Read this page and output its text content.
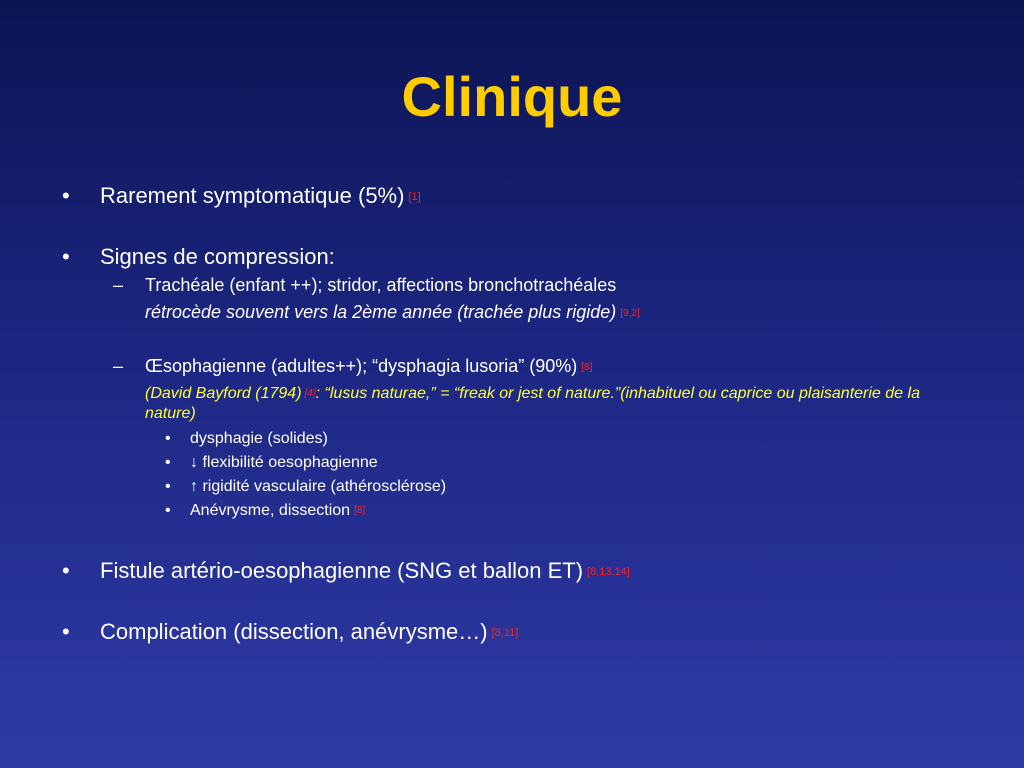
Clinique
• Rarement symptomatique (5%) [1]
• Signes de compression:
– Trachéale (enfant ++); stridor, affections bronchotrachéales
rétrocède souvent vers la 2ème année (trachée plus rigide) [9,2]
– Œsophagienne (adultes++); “dysphagia lusoria” (90%) [8]
(David Bayford (1794) [4]: “lusus naturae,” = “freak or jest of nature.”(inhabituel ou caprice ou plaisanterie de la nature)
• dysphagie (solides)
• ↓ flexibilité oesophagienne
• ↑ rigidité vasculaire (athérosclérose)
• Anévrysme, dissection [8]
• Fistule artério-oesophagienne (SNG et ballon ET) [8,13,14]
• Complication (dissection, anévrysme…) [8,11]
